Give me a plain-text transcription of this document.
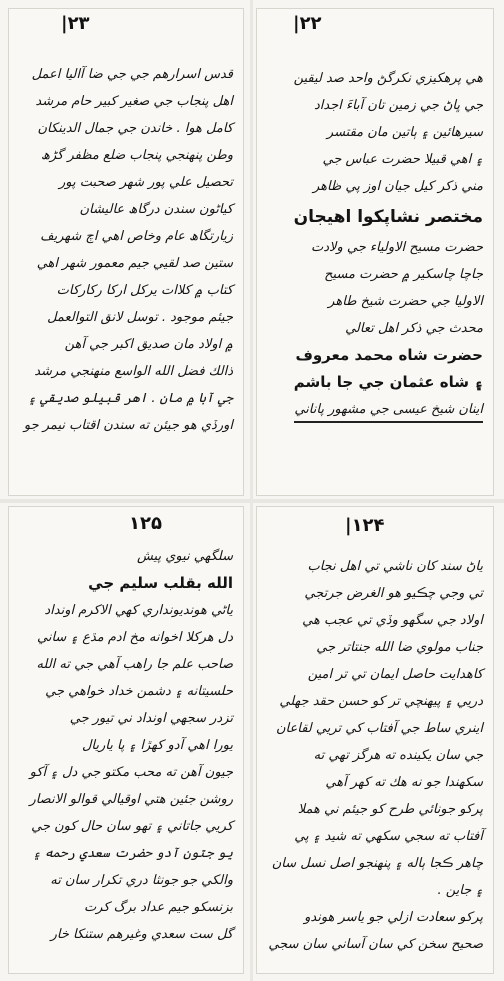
|۲۳
قدس اسرارهم جي جي ضا آاليا اعمل
اهل پنجاب جي صغير كبير حام مرشد
كامل هوا . خاندن جي جمال الدينكان
وطن پنهنجي پنجاب ضلع مظفر گڑھ
تحصيل علي پور شهر صحبت پور
كياڻون سندن درگاھ عاليشان
زيارتگاھ عام وخاص اهي اچ شهريف
ستين صد لقيي جيم معمور شهر اهي
كتاب ۾ كلاات يركل اركا ركاركات
جيئم موجود . توسل لانق التوالعمل
۾ اولاد مان صديق اكبر جي آهن
ذالك فضل الله الواسع منهنجي مرشد
جي آبا ۾ مان . اهر قبيلو صديقي ۽
اورڏي هو جيئن ته سندن اقتاب نيمر جو
|۲۲
هي پرهكيزي نكرگڻ واحد صد ليقين
جي ڀاڻ جي زمين تان آباءَ اجداد
سيرهائين ۽ ٻاتين مان مقتسر
۽ اهي قبيلا حضرت عباس جي
مني ذكر كيل جيان اوز پي ظاهر
مختصر نشاپكوا اهيجان
حضرت مسيح الاولياء جي ولادت
جاچا چاسكير ۾ حضرت مسيح
الاوليا جي حضرت شيخ طاهر
محدث جي ذكر اهل تعالي
حضرت شاه محمد معروف
۽ شاه عثمان جي جا باشم
اينان شيخ عيسى جي مشهور پاناني
۱۲۵
سلگهي نيوي پيش
الله بقلب سليم جي
ياڻي هونديونداري كهي الاكرم اونداد
دل هركلا اخوانه مخ ادم مڌع ۽ ساني
صاحب علم جا راهب آهي جي ته الله
حلسيتانه ۽ دشمن خداد خواهي جي
تزدر سجهي اونداد ني تيور جي
يورا اهي آدو كهڙا ۽ پا ياريال
جيون آهن ته محب مكتو جي دل ۽ آكو
روشن جئين هتي اوقيالي قوالو الانصار
كريي جاتاني ۽ تهو سان حال كون جي
يو جتون آدو حضرت سعدي رحمه ۽
والكي جو جونثا دري تكرار سان ته
بزنسكو جيم عداد برگ كرت
گل ست سعدي وغيرهم ستنكا خار
|۱۲۴
ياڻ سند كان ناشي تي اهل نجاب
تي وجي چڪيو هو الغرض جرتجي
اولاد جي سگهو وڏي تي عجب هي
جناب مولوي ضا الله جنتاتر جي
كاهدايت حاصل ايمان تي تر امين
دريي ۽ پيهنچي تر كو حسن حقد جهلي
اينري ساط جي آفتاب كي تريي لقاعان
جي سان يكينده ته هرگز تهي ته
سكهندا جو نه هك ته كهر آهي
پركو جونائي طرح كو جيئم ني هملا
آفتاب ته سجي سكهي ته شيد ۽ پي
چاهر ڪجا ٻاله ۽ پنهنجو اصل نسل سان
۽ جاين .
پركو سعادت ازلي جو ياسر هوندو
صحيح سخن كي سان آساني سان سجي
